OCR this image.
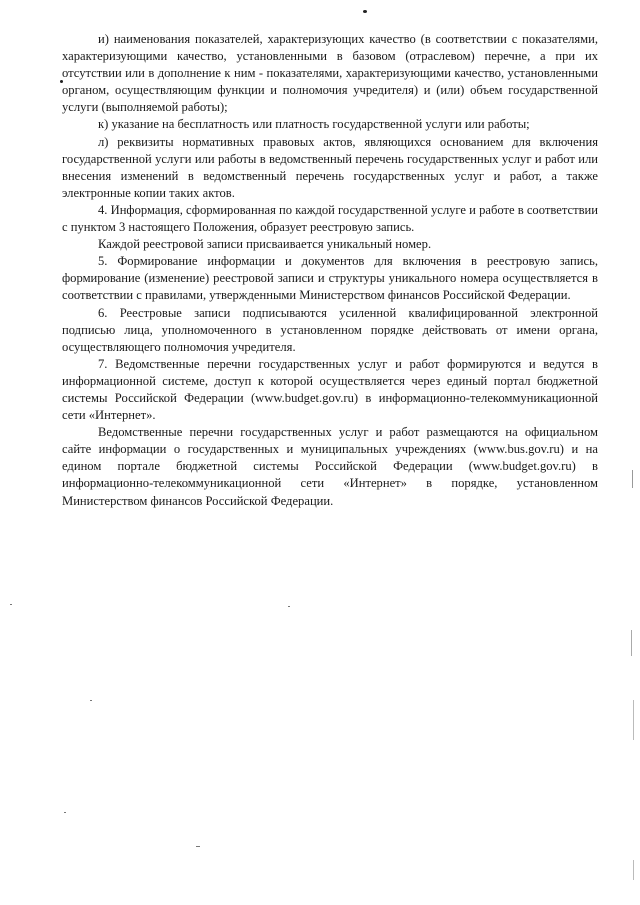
и) наименования показателей, характеризующих качество (в соответствии с показателями, характеризующими качество, установленными в базовом (отраслевом) перечне, а при их отсутствии или в дополнение к ним - показателями, характеризующими качество, установленными органом, осуществляющим функции и полномочия учредителя) и (или) объем государственной услуги (выполняемой работы);

к) указание на бесплатность или платность государственной услуги или работы;

л) реквизиты нормативных правовых актов, являющихся основанием для включения государственной услуги или работы в ведомственный перечень государственных услуг и работ или внесения изменений в ведомственный перечень государственных услуг и работ, а также электронные копии таких актов.

4. Информация, сформированная по каждой государственной услуге и работе в соответствии с пунктом 3 настоящего Положения, образует реестровую запись.

Каждой реестровой записи присваивается уникальный номер.

5. Формирование информации и документов для включения в реестровую запись, формирование (изменение) реестровой записи и структуры уникального номера осуществляется в соответствии с правилами, утвержденными Министерством финансов Российской Федерации.

6. Реестровые записи подписываются усиленной квалифицированной электронной подписью лица, уполномоченного в установленном порядке действовать от имени органа, осуществляющего полномочия учредителя.

7. Ведомственные перечни государственных услуг и работ формируются и ведутся в информационной системе, доступ к которой осуществляется через единый портал бюджетной системы Российской Федерации (www.budget.gov.ru) в информационно-телекоммуникационной сети «Интернет».

Ведомственные перечни государственных услуг и работ размещаются на официальном сайте информации о государственных и муниципальных учреждениях (www.bus.gov.ru) и на едином портале бюджетной системы Российской Федерации (www.budget.gov.ru) в информационно-телекоммуникационной сети «Интернет» в порядке, установленном Министерством финансов Российской Федерации.
